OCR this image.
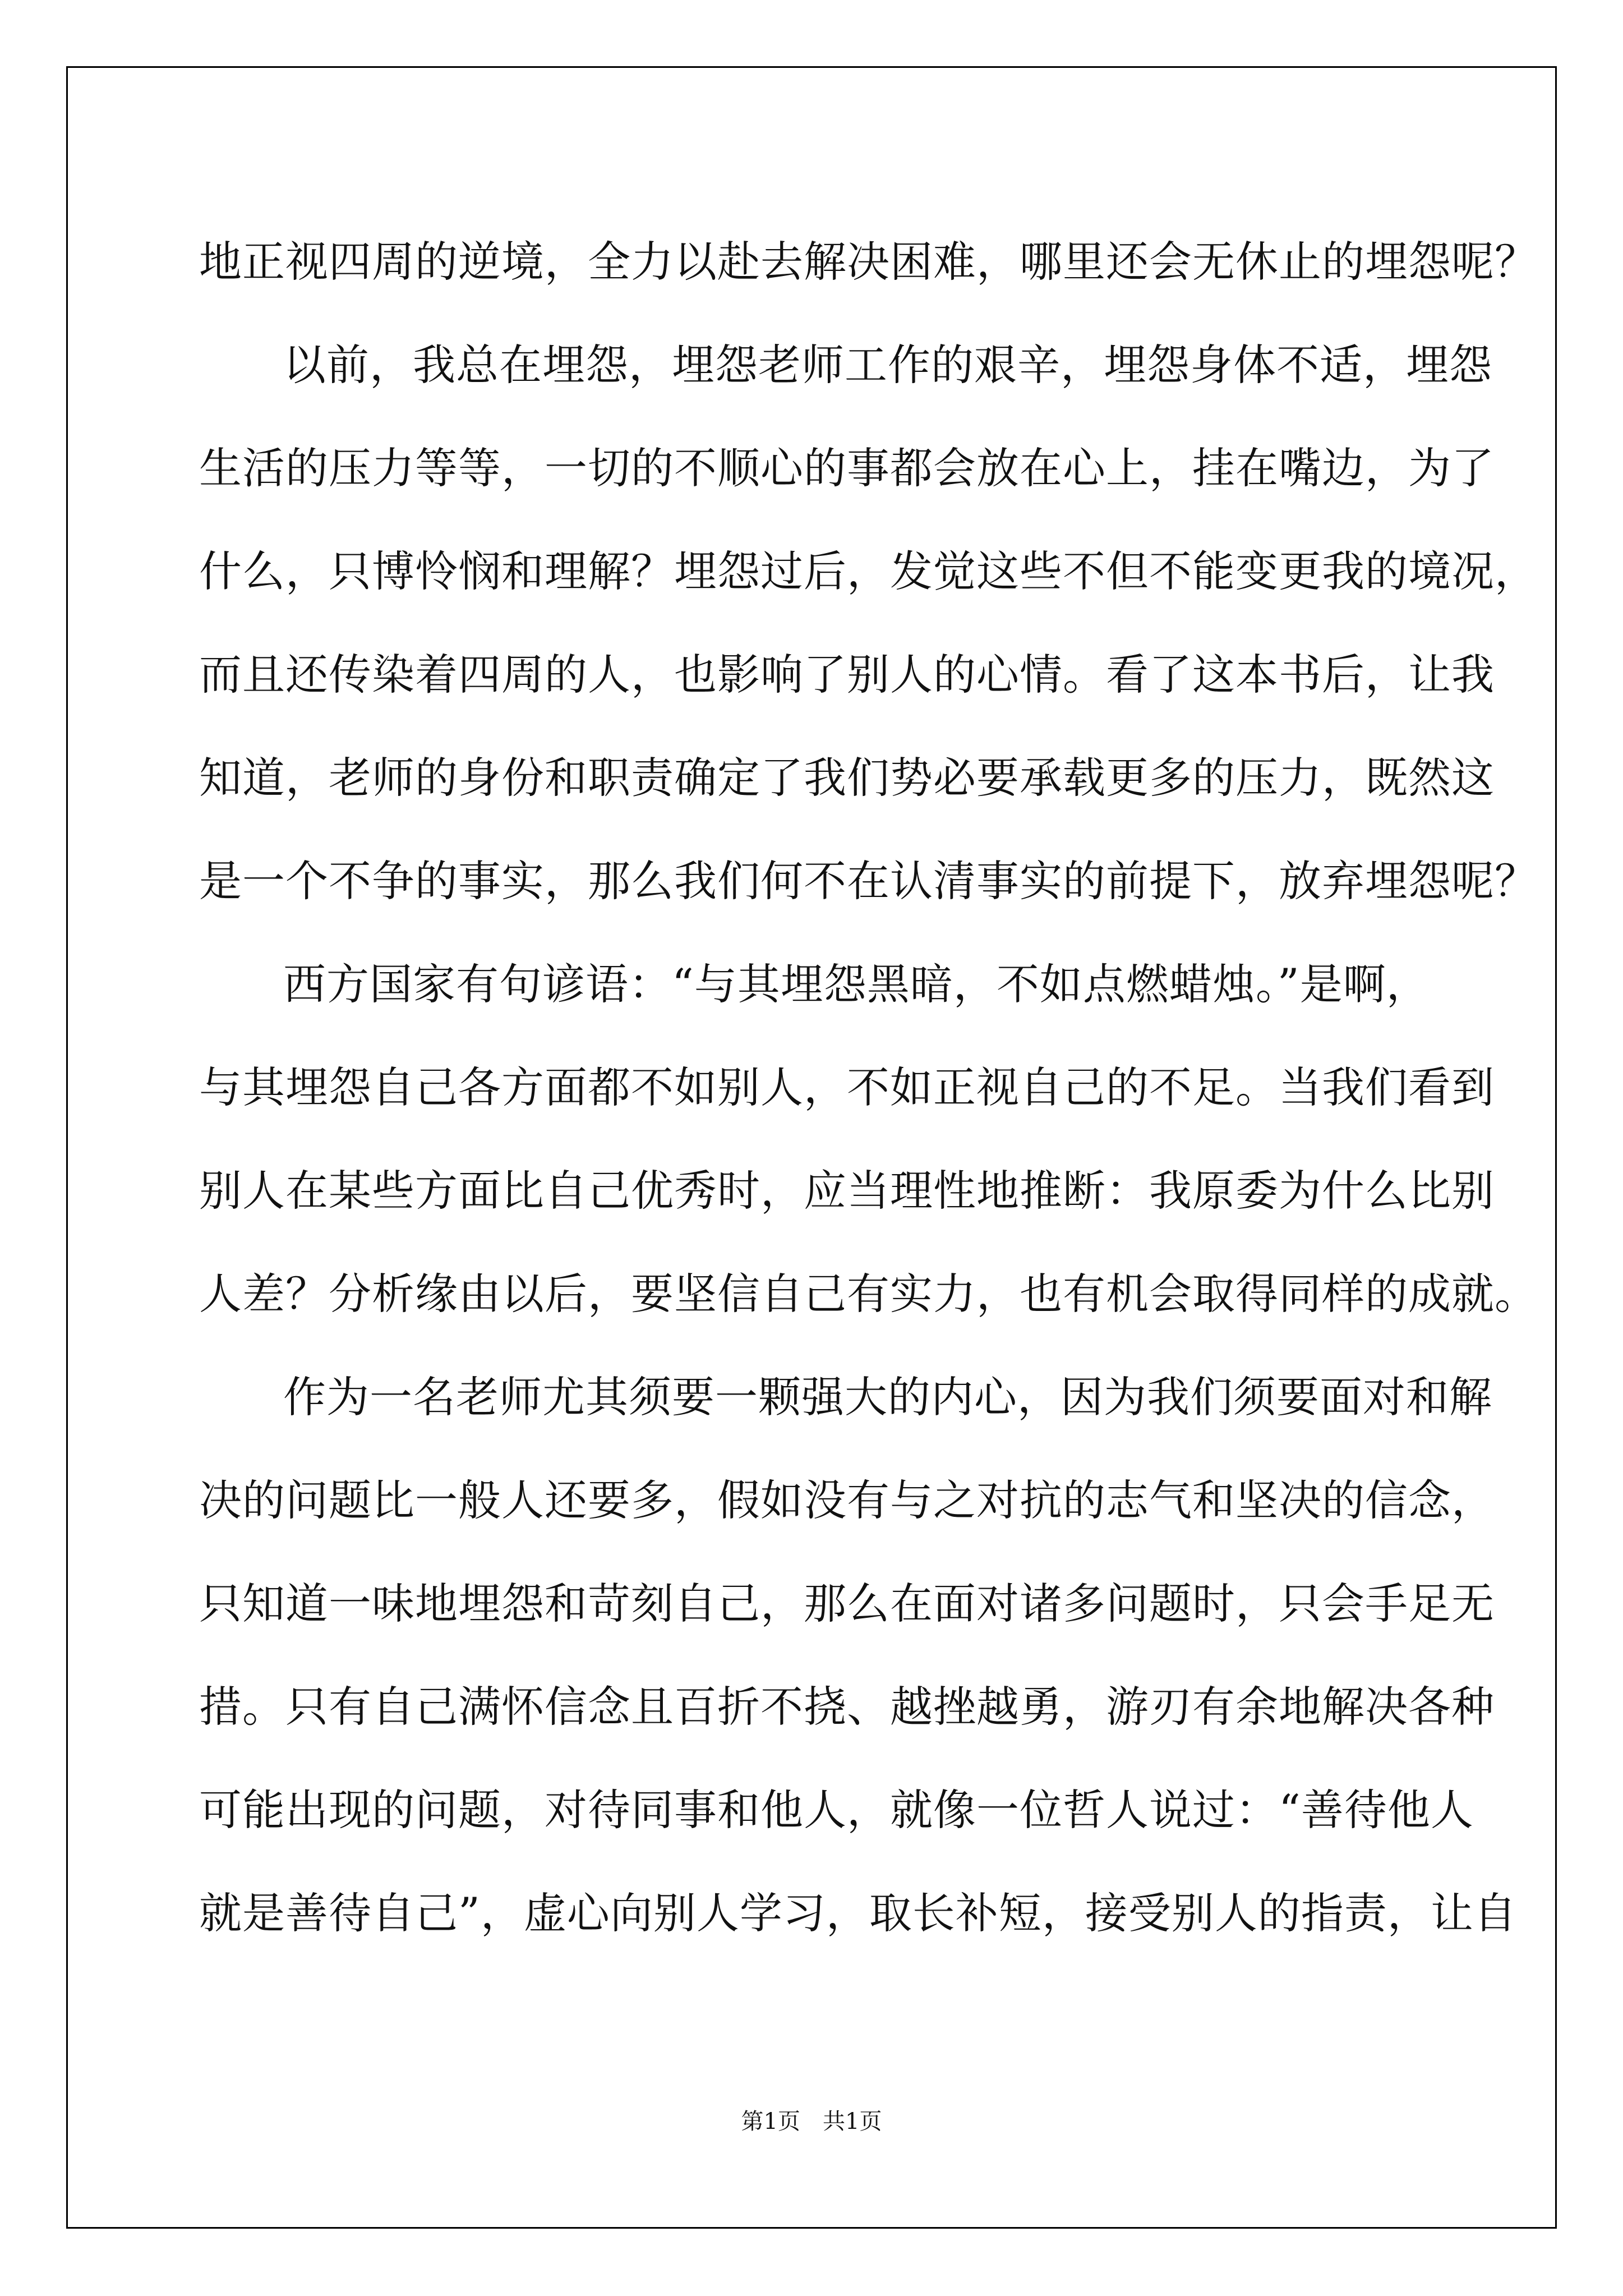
地正视四周的逆境，全力以赴去解决困难，哪里还会无休止的埋怨呢？
以前，我总在埋怨，埋怨老师工作的艰辛，埋怨身体不适，埋怨
生活的压力等等，一切的不顺心的事都会放在心上，挂在嘴边，为了
什么，只博怜悯和理解？埋怨过后，发觉这些不但不能变更我的境况，
而且还传染着四周的人，也影响了别人的心情。看了这本书后，让我
知道，老师的身份和职责确定了我们势必要承载更多的压力，既然这
是一个不争的事实，那么我们何不在认清事实的前提下，放弃埋怨呢？
西方国家有句谚语：“与其埋怨黑暗，不如点燃蜡烛。”是啊，
与其埋怨自己各方面都不如别人，不如正视自己的不足。当我们看到
别人在某些方面比自己优秀时，应当理性地推断：我原委为什么比别
人差？分析缘由以后，要坚信自己有实力，也有机会取得同样的成就。
作为一名老师尤其须要一颗强大的内心，因为我们须要面对和解
决的问题比一般人还要多，假如没有与之对抗的志气和坚决的信念，
只知道一味地埋怨和苛刻自己，那么在面对诸多问题时，只会手足无
措。只有自己满怀信念且百折不挠、越挫越勇，游刃有余地解决各种
可能出现的问题，对待同事和他人，就像一位哲人说过：“善待他人
就是善待自己”，虚心向别人学习，取长补短，接受别人的指责，让自
第1页 共1页
